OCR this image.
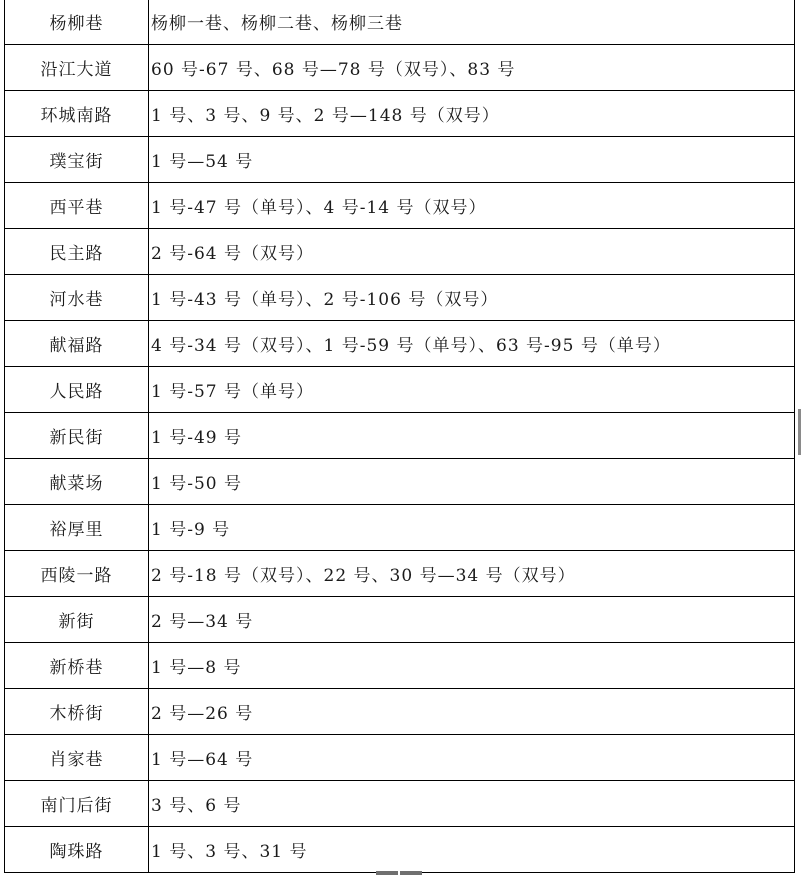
杨柳巷	杨柳一巷、杨柳二巷、杨柳三巷
沿江大道	60 号-67 号、68 号—78 号（双号）、83 号
环城南路	1 号、3 号、9 号、2 号—148 号（双号）
璞宝街	1 号—54 号
西平巷	1 号-47 号（单号）、4 号-14 号（双号）
民主路	2 号-64 号（双号）
河水巷	1 号-43 号（单号）、2 号-106 号（双号）
献福路	4 号-34 号（双号）、1 号-59 号（单号）、63 号-95 号（单号）
人民路	1 号-57 号（单号）
新民街	1 号-49 号
献菜场	1 号-50 号
裕厚里	1 号-9 号
西陵一路	2 号-18 号（双号）、22 号、30 号—34 号（双号）
新街	2 号—34 号
新桥巷	1 号—8 号
木桥街	2 号—26 号
肖家巷	1 号—64 号
南门后街	3 号、6 号
陶珠路	1 号、3 号、31 号
